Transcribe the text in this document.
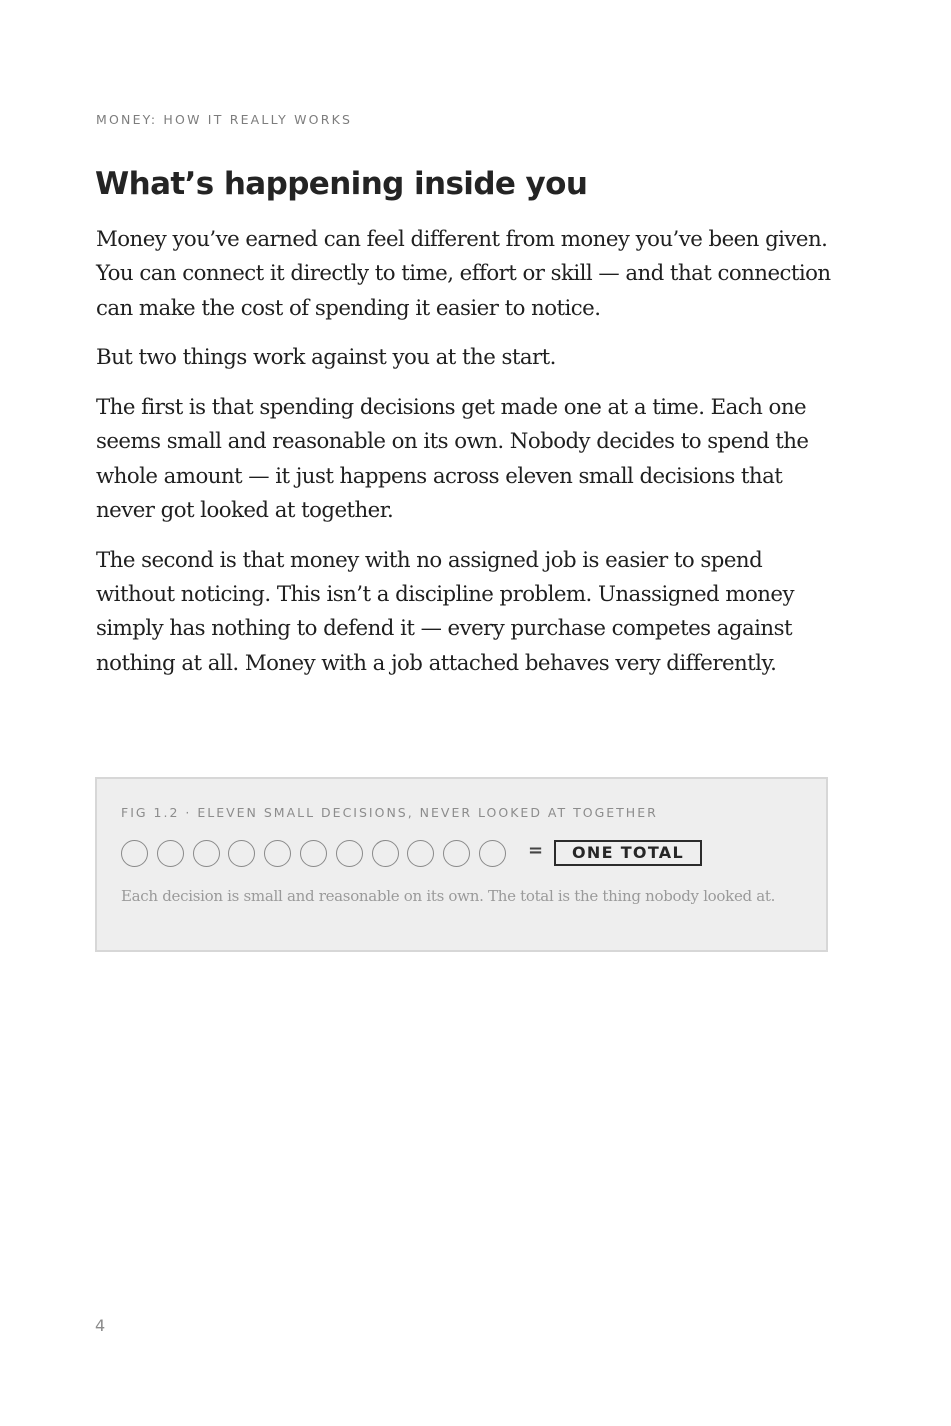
MONEY: HOW IT REALLY WORKS
What’s happening inside you

Money you’ve earned can feel different from money you’ve been given. You can connect it directly to time, effort or skill — and that connection can make the cost of spending it easier to notice.

But two things work against you at the start.

The first is that spending decisions get made one at a time. Each one seems small and reasonable on its own. Nobody decides to spend the whole amount — it just happens across eleven small decisions that never got looked at together.

The second is that money with no assigned job is easier to spend without noticing. This isn’t a discipline problem. Unassigned money simply has nothing to defend it — every purchase competes against nothing at all. Money with a job attached behaves very differently.

FIG 1.2 · ELEVEN SMALL DECISIONS, NEVER LOOKED AT TOGETHER
=	ONE TOTAL
Each decision is small and reasonable on its own. The total is the thing nobody looked at.
4
